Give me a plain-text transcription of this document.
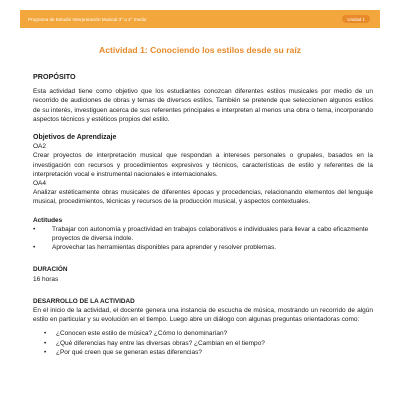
Programa de Estudio Interpretación Musical 3° a 4° medio	Unidad 1
Actividad 1: Conociendo los estilos desde su raíz
PROPÓSITO

Esta actividad tiene como objetivo que los estudiantes conozcan diferentes estilos musicales por medio de un recorrido de audiciones de obras y temas de diversos estilos. También se pretende que seleccionen algunos estilos de su interés, investiguen acerca de sus referentes principales e interpreten al menos una obra o tema, incorporando aspectos técnicos y estéticos propios del estilo.

Objetivos de Aprendizaje
OA2

Crear proyectos de interpretación musical que respondan a intereses personales o grupales, basados en la investigación con recursos y procedimientos expresivos y técnicos, características de estilo y referentes de la interpretación vocal e instrumental nacionales e internacionales.

OA4

Analizar estéticamente obras musicales de diferentes épocas y procedencias, relacionando elementos del lenguaje musical, procedimientos, técnicas y recursos de la producción musical, y aspectos contextuales.

Actitudes
•	Trabajar con autonomía y proactividad en trabajos colaborativos e individuales para llevar a cabo eficazmente proyectos de diversa índole.
•	Aprovechar las herramientas disponibles para aprender y resolver problemas.
DURACIÓN
16 horas
DESARROLLO DE LA ACTIVIDAD

En el inicio de la actividad, el docente genera una instancia de escucha de música, mostrando un recorrido de algún estilo en particular y su evolución en el tiempo. Luego abre un diálogo con algunas preguntas orientadoras como:

•	¿Conocen este estilo de música? ¿Cómo lo denominarían?
•	¿Qué diferencias hay entre las diversas obras? ¿Cambian en el tiempo?
•	¿Por qué creen que se generan estas diferencias?
